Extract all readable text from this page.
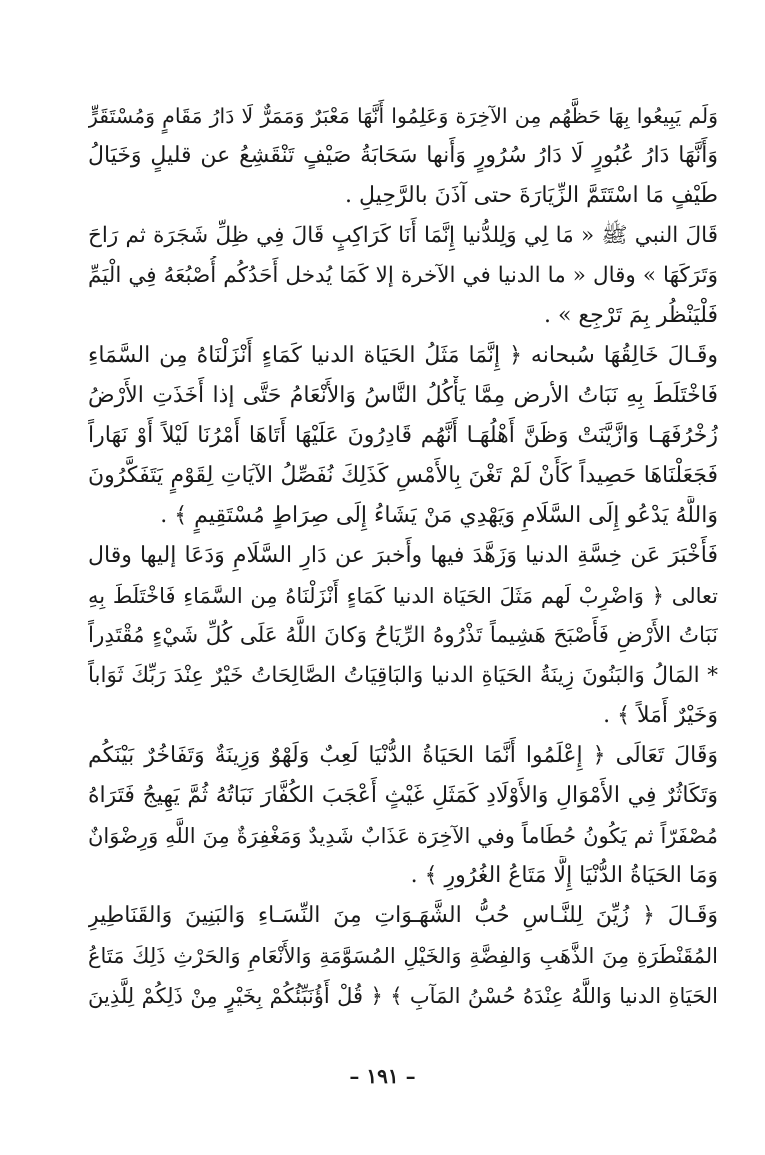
وَلَم يَبِيعُوا بِهَا حَظَّهُم مِن الآخِرَة وَعَلِمُوا أَنَّهَا مَعْبَرٌ وَمَمَرٌّ لَا دَارُ مَقَامٍ وَمُسْتَقَرٍّ
وَأَنَّهَا دَارُ عُبُورٍ لَا دَارُ سُرُورٍ وَأَنها سَحَابَةُ صَيْفٍ تَنْقَشِعُ عن قليلٍ وَخَيَالُ
طَيْفٍ مَا اسْتَتَمَّ الزِّيَارَةَ حتى آذَنَ بالرَّحِيلِ .
قَالَ النبي ﷺ « مَا لِي وَلِلدُّنيا إِنَّمَا أَنَا كَرَاكِبٍ قَالَ فِي ظِلِّ شَجَرَة ثم رَاحَ
وَتَرَكَهَا » وقال « ما الدنيا في الآخرة إلا كَمَا يُدخل أَحَدُكُم أُصْبُعَهُ فِي الْيَمِّ
فَلْيَنْظُر بِمَ تَرْجِع » .
وقَـالَ خَالِقُهَا سُبحانه ﴿ إِنَّمَا مَثَلُ الحَيَاة الدنيا كَمَاءٍ أَنْزَلْنَاهُ مِن السَّمَاءِ
فَاخْتَلَطَ بِهِ نَبَاتُ الأرض مِمَّا يَأْكُلُ النَّاسُ وَالأَنْعَامُ حَتَّى إذا أَخَذَتِ الأَرْضُ
زُخْرُفَهَـا وَازَّيَّنَتْ وَظَنَّ أَهْلُهَـا أَنَّهُم قَادِرُونَ عَلَيْهَا أَتَاهَا أَمْرُنَا لَيْلاً أَوْ نَهَاراً
فَجَعَلْنَاهَا حَصِيداً كَأَنْ لَمْ تَغْنَ بِالأَمْسِ كَذَلِكَ نُفَصِّلُ الآيَاتِ لِقَوْمٍ يَتَفَكَّرُونَ
وَاللَّهُ يَدْعُو إِلَى السَّلَامِ وَيَهْدِي مَنْ يَشَاءُ إِلَى صِرَاطٍ مُسْتَقِيمٍ ﴾ .
فَأَخْبَرَ عَن خِسَّةِ الدنيا وَزَهَّدَ فيها وأَخبرَ عن دَارِ السَّلَامِ وَدَعَا إليها وقال
تعالى ﴿ وَاضْرِبْ لَهم مَثَلَ الحَيَاة الدنيا كَمَاءٍ أَنْزَلْنَاهُ مِن السَّمَاءِ فَاخْتَلَطَ بِهِ
نَبَاتُ الأَرْضِ فَأَصْبَحَ هَشِيماً تَذْرُوهُ الرِّيَاحُ وَكانَ اللَّهُ عَلَى كُلِّ شَيْءٍ مُقْتَدِراً
* المَالُ وَالبَنُونَ زِينَةُ الحَيَاةِ الدنيا وَالبَاقِيَاتُ الصَّالِحَاتُ خَيْرٌ عِنْدَ رَبِّكَ ثَوَاباً
وَخَيْرٌ أَمَلاً ﴾ .
وَقَالَ تَعَالَى ﴿ إِعْلَمُوا أَنَّمَا الحَيَاةُ الدُّنْيَا لَعِبٌ وَلَهْوٌ وَزِينَةٌ وَتَفَاخُرٌ بَيْنَكُم
وَتَكَاثُرٌ فِي الأَمْوَالِ وَالأَوْلَادِ كَمَثَلِ غَيْثٍ أَعْجَبَ الكُفَّارَ نَبَاتُهُ ثُمَّ يَهِيجُ فَتَرَاهُ
مُصْفَرّاً ثم يَكُونُ حُطَاماً وفي الآخِرَة عَذَابٌ شَدِيدٌ وَمَغْفِرَةٌ مِنَ اللَّهِ وَرِضْوَانٌ
وَمَا الحَيَاةُ الدُّنْيَا إِلَّا مَتَاعُ الغُرُورِ ﴾ .
وَقَـالَ ﴿ زُيِّنَ لِلنَّـاسِ حُبُّ الشَّهَـوَاتِ مِنَ النِّسَـاءِ وَالبَنِينَ وَالقَنَاطِيرِ
المُقَنْطَرَةِ مِنَ الذَّهَبِ وَالفِضَّةِ وَالخَيْلِ المُسَوَّمَةِ وَالأَنْعَامِ وَالحَرْثِ ذَلِكَ مَتَاعُ
الحَيَاةِ الدنيا وَاللَّهُ عِنْدَهُ حُسْنُ المَآبِ ﴾ ﴿ قُلْ أَؤُنَبِّئُكُمْ بِخَيْرٍ مِنْ ذَلِكُمْ لِلَّذِينَ
– ١٩١ –
